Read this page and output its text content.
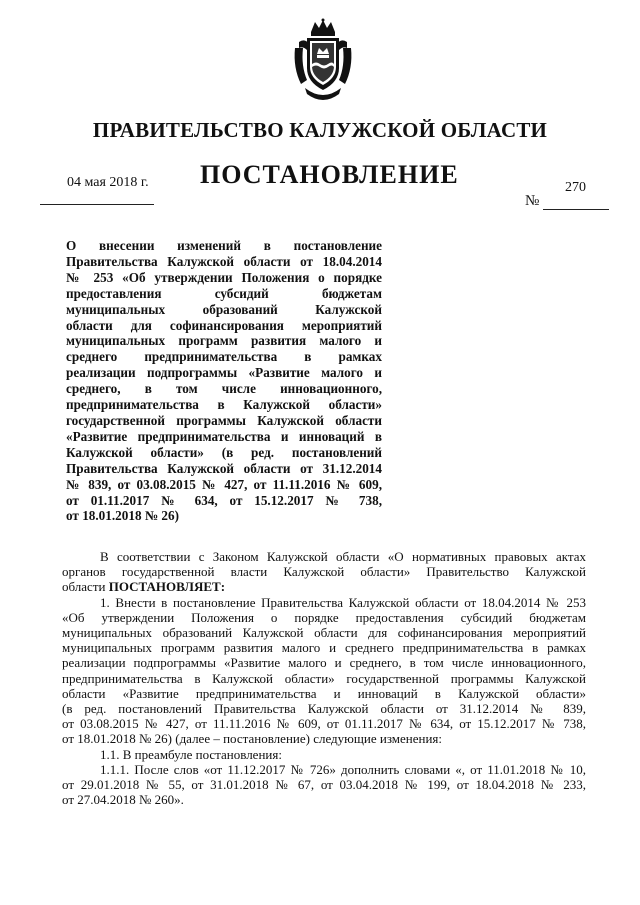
ПРАВИТЕЛЬСТВО КАЛУЖСКОЙ ОБЛАСТИ
04 мая 2018 г. ПОСТАНОВЛЕНИЕ	270
№
О внесении изменений в постановление
Правительства Калужской области от 18.04.2014
№ 253 «Об утверждении Положения о порядке
предоставления субсидий бюджетам
муниципальных образований Калужской
области для софинансирования мероприятий
муниципальных программ развития малого и
среднего предпринимательства в рамках
реализации подпрограммы «Развитие малого и
среднего, в том числе инновационного,
предпринимательства в Калужской области»
государственной программы Калужской области
«Развитие предпринимательства и инноваций в
Калужской области» (в ред. постановлений
Правительства Калужской области от 31.12.2014
№ 839, от 03.08.2015 № 427, от 11.11.2016 № 609,
от 01.11.2017 № 634, от 15.12.2017 № 738,
от 18.01.2018 № 26)
В соответствии с Законом Калужской области «О нормативных правовых актах
органов государственной власти Калужской области» Правительство Калужской
области ПОСТАНОВЛЯЕТ:
1. Внести в постановление Правительства Калужской области от 18.04.2014 № 253
«Об утверждении Положения о порядке предоставления субсидий бюджетам
муниципальных образований Калужской области для софинансирования мероприятий
муниципальных программ развития малого и среднего предпринимательства в рамках
реализации подпрограммы «Развитие малого и среднего, в том числе инновационного,
предпринимательства в Калужской области» государственной программы Калужской
области «Развитие предпринимательства и инноваций в Калужской области»
(в ред. постановлений Правительства Калужской области от 31.12.2014 № 839,
от 03.08.2015 № 427, от 11.11.2016 № 609, от 01.11.2017 № 634, от 15.12.2017 № 738,
от 18.01.2018 № 26) (далее – постановление) следующие изменения:
1.1. В преамбуле постановления:
1.1.1. После слов «от 11.12.2017 № 726» дополнить словами «, от 11.01.2018 № 10,
от 29.01.2018 № 55, от 31.01.2018 № 67, от 03.04.2018 № 199, от 18.04.2018 № 233,
от 27.04.2018 № 260».
